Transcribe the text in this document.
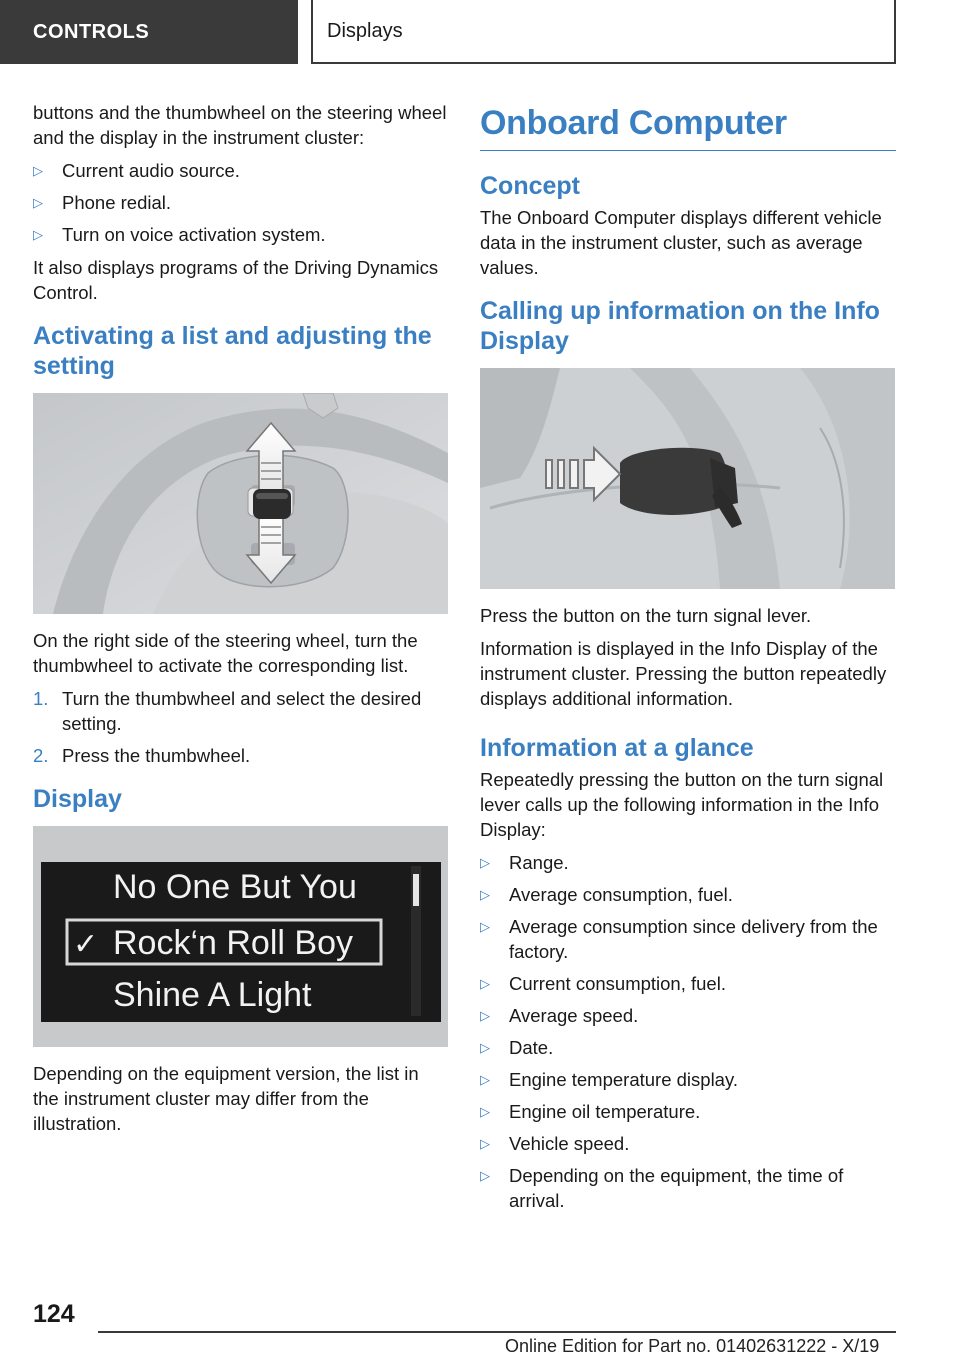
CONTROLS	Displays

buttons and the thumbwheel on the steering wheel and the display in the instrument cluster:

▷ Current audio source.
▷ Phone redial.
▷ Turn on voice activation system.

It also displays programs of the Driving Dynamics Control.

Activating a list and adjusting the setting

On the right side of the steering wheel, turn the thumbwheel to activate the corresponding list.

1. Turn the thumbwheel and select the desired setting.
2. Press the thumbwheel.
Display
No One But You
✓ Rock‘n Roll Boy
Shine A Light

Depending on the equipment version, the list in the instrument cluster may differ from the illustration.

Onboard Computer
Concept

The Onboard Computer displays different vehicle data in the instrument cluster, such as average values.

Calling up information on the Info Display

Press the button on the turn signal lever.

Information is displayed in the Info Display of the instrument cluster. Pressing the button repeatedly displays additional information.

Information at a glance

Repeatedly pressing the button on the turn signal lever calls up the following information in the Info Display:

▷ Range.
▷ Average consumption, fuel.
▷ Average consumption since delivery from the factory.
▷ Current consumption, fuel.
▷ Average speed.
▷ Date.
▷ Engine temperature display.
▷ Engine oil temperature.
▷ Vehicle speed.
▷ Depending on the equipment, the time of arrival.
124
Online Edition for Part no. 01402631222 - X/19
